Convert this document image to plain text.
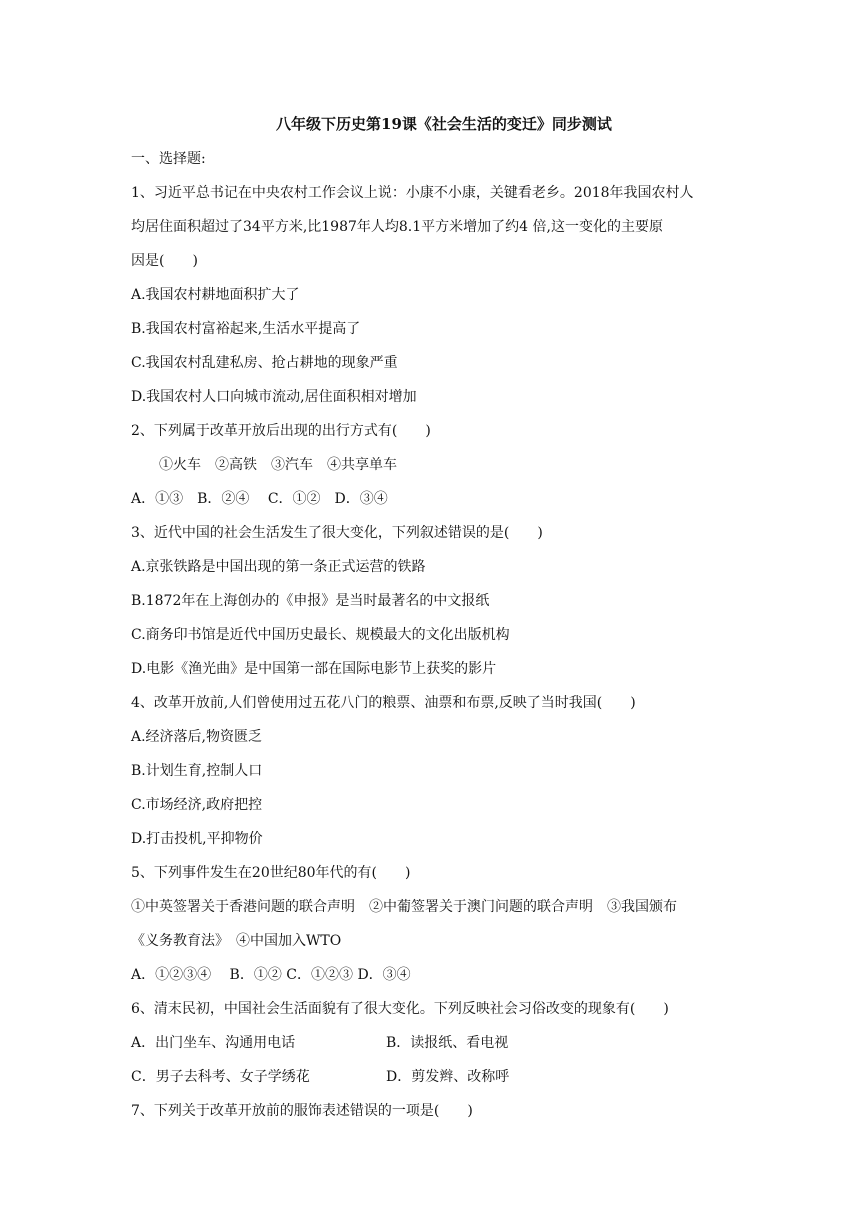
八年级下历史第19课《社会生活的变迁》同步测试

一、选择题:

1、习近平总书记在中央农村工作会议上说：小康不小康，关键看老乡。2018年我国农村人

均居住面积超过了34平方米,比1987年人均8.1平方米增加了约4 倍,这一变化的主要原

因是(　　)

A.我国农村耕地面积扩大了

B.我国农村富裕起来,生活水平提高了

C.我国农村乱建私房、抢占耕地的现象严重

D.我国农村人口向城市流动,居住面积相对增加

2、下列属于改革开放后出现的出行方式有(　　)

①火车　②高铁　③汽车　④共享单车

A．①③　B．②④　 C．①②　D．③④

3、近代中国的社会生活发生了很大变化，下列叙述错误的是(　　)

A.京张铁路是中国出现的第一条正式运营的铁路

B.1872年在上海创办的《申报》是当时最著名的中文报纸

C.商务印书馆是近代中国历史最长、规模最大的文化出版机构

D.电影《渔光曲》是中国第一部在国际电影节上获奖的影片

4、改革开放前,人们曾使用过五花八门的粮票、油票和布票,反映了当时我国(　　)

A.经济落后,物资匮乏

B.计划生育,控制人口

C.市场经济,政府把控

D.打击投机,平抑物价

5、下列事件发生在20世纪80年代的有(　　)

①中英签署关于香港问题的联合声明　②中葡签署关于澳门问题的联合声明　③我国颁布

《义务教育法》　④中国加入WTO

A．①②③④　 B．①② C．①②③ D．③④

6、清末民初，中国社会生活面貌有了很大变化。下列反映社会习俗改变的现象有(　　)

A．出门坐车、沟通用电话	B．读报纸、看电视
C．男子去科考、女子学绣花	D．剪发辫、改称呼

7、下列关于改革开放前的服饰表述错误的一项是(　　)
